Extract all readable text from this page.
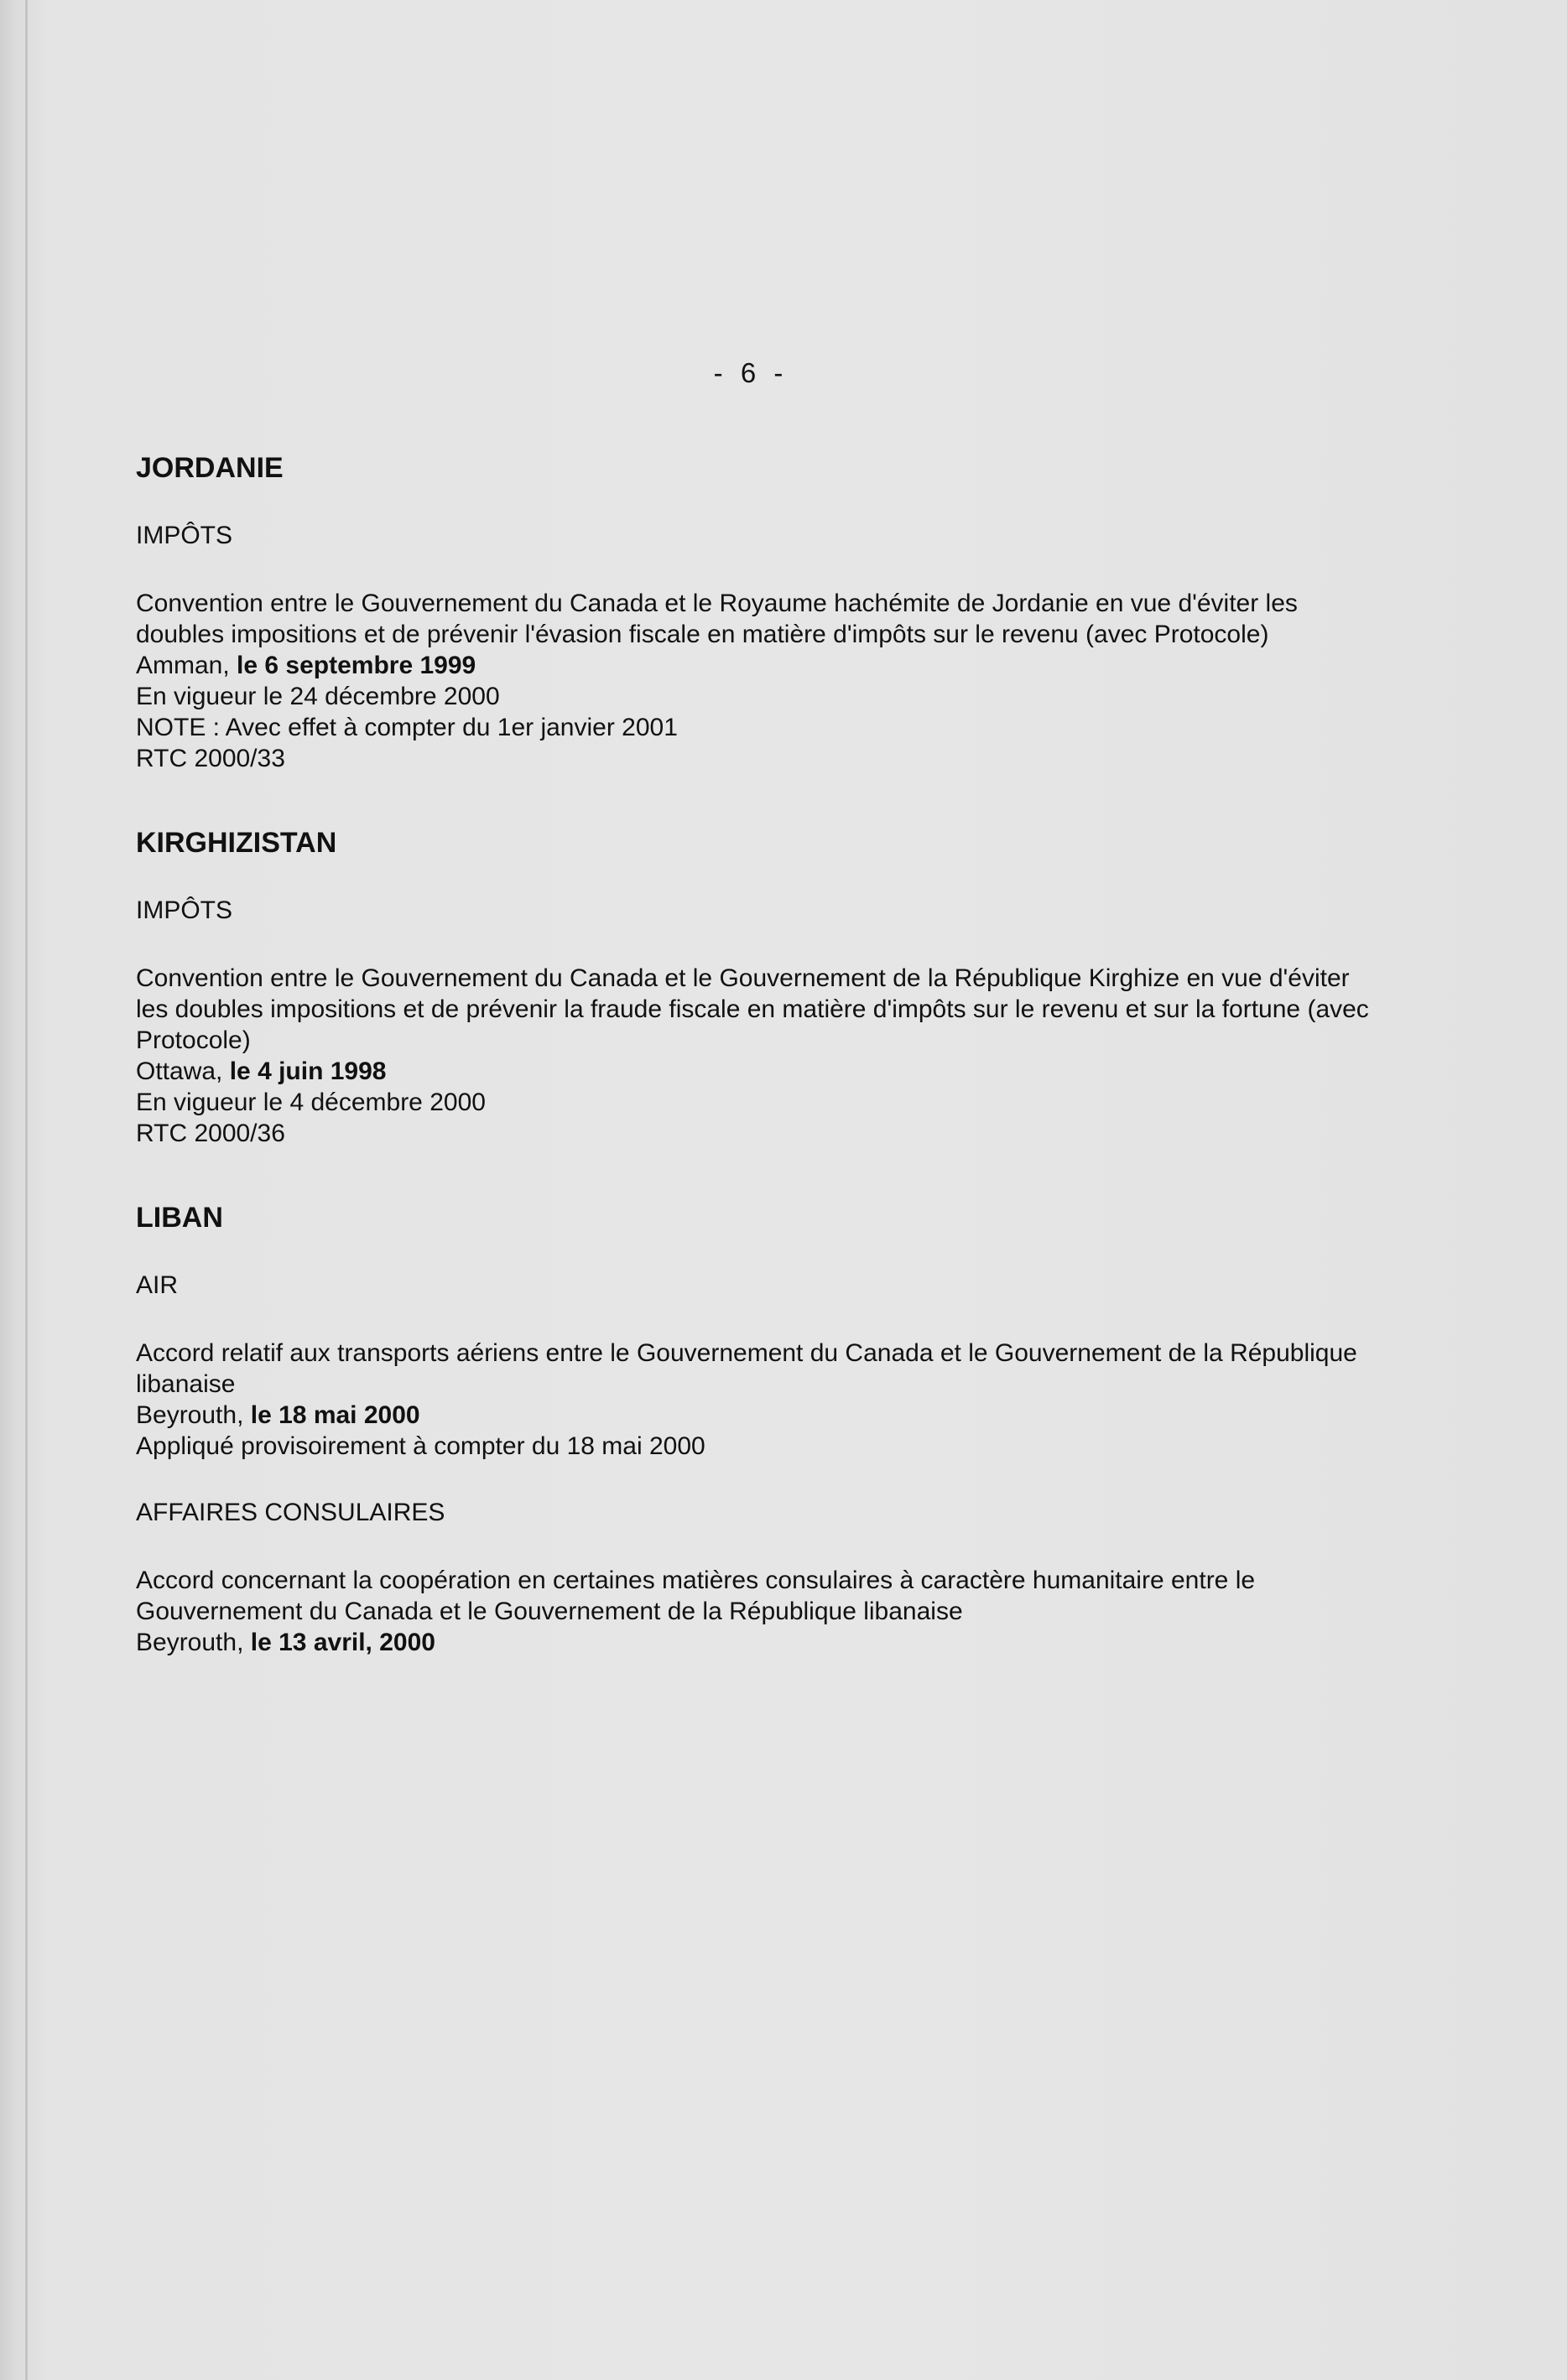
- 6 -
JORDANIE
IMPÔTS

Convention entre le Gouvernement du Canada et le Royaume hachémite de Jordanie en vue d'éviter les doubles impositions et de prévenir l'évasion fiscale en matière d'impôts sur le revenu (avec Protocole)

Amman, le 6 septembre 1999

En vigueur le 24 décembre 2000

NOTE : Avec effet à compter du 1er janvier 2001

RTC 2000/33

KIRGHIZISTAN
IMPÔTS

Convention entre le Gouvernement du Canada et le Gouvernement de la République Kirghize en vue d'éviter les doubles impositions et de prévenir la fraude fiscale en matière d'impôts sur le revenu et sur la fortune (avec Protocole)

Ottawa, le 4 juin 1998

En vigueur le 4 décembre 2000

RTC 2000/36

LIBAN
AIR

Accord relatif aux transports aériens entre le Gouvernement du Canada et le Gouvernement de la République libanaise

Beyrouth, le 18 mai 2000

Appliqué provisoirement à compter du 18 mai 2000

AFFAIRES CONSULAIRES

Accord concernant la coopération en certaines matières consulaires à caractère humanitaire entre le Gouvernement du Canada et le Gouvernement de la République libanaise

Beyrouth, le 13 avril, 2000
